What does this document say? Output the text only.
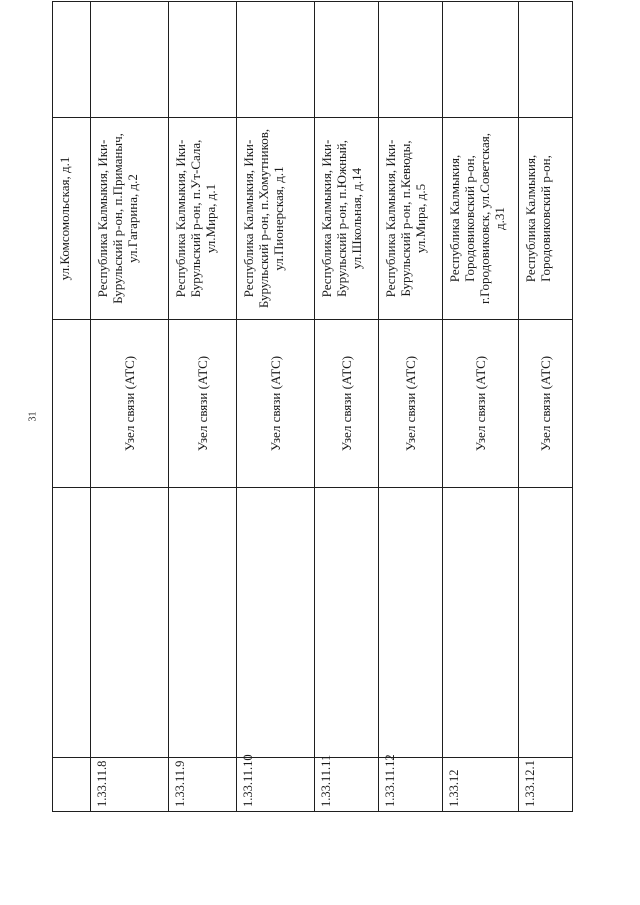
31
			ул.Комсомольская, д.1	
1.33.11.8		Узел связи (АТС)	Республика Калмыкия, Ики-Бурульский р-он, п.Приманыч, ул.Гагарина, д.2	
1.33.11.9		Узел связи (АТС)	Республика Калмыкия, Ики-Бурульский р-он, п.Ут-Сала, ул.Мира, д.1	
1.33.11.10		Узел связи (АТС)	Республика Калмыкия, Ики-Бурульский р-он, п.Хомутников, ул.Пионерская, д.1	
1.33.11.11		Узел связи (АТС)	Республика Калмыкия, Ики-Бурульский р-он, п.Южный, ул.Школьная, д.14	
1.33.11.12		Узел связи (АТС)	Республика Калмыкия, Ики-Бурульский р-он, п.Кевюды, ул.Мира, д.5	
1.33.12		Узел связи (АТС)	Республика Калмыкия, Городовиковский р-он, г.Городовиковск, ул.Советская, д.31	
1.33.12.1		Узел связи (АТС)	Республика Калмыкия, Городовиковский р-он,	
